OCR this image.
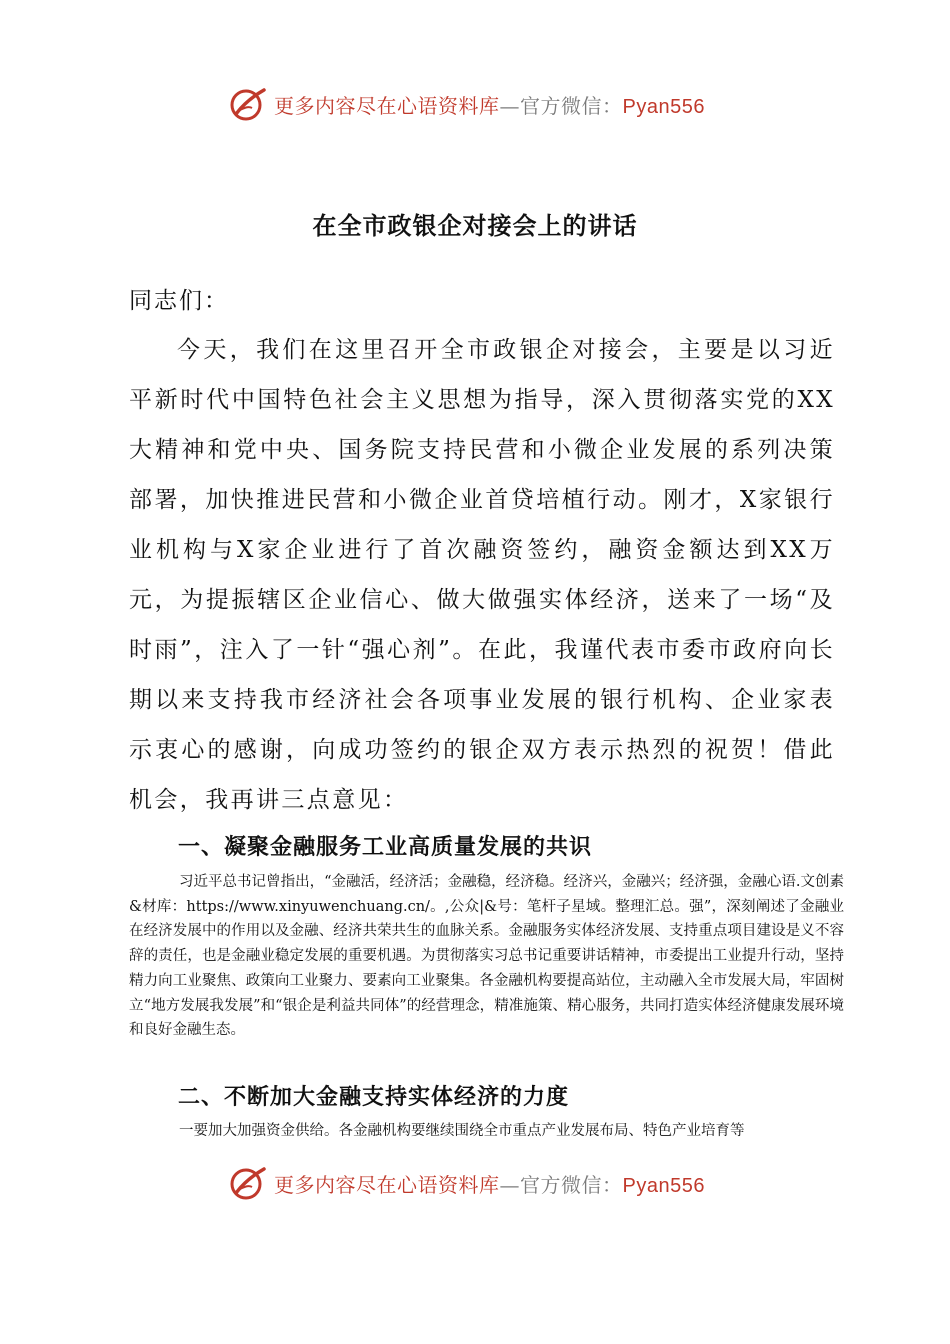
更多内容尽在心语资料库—官方微信：Pyan556
在全市政银企对接会上的讲话
同志们：

今天，我们在这里召开全市政银企对接会，主要是以习近平新时代中国特色社会主义思想为指导，深入贯彻落实党的XX大精神和党中央、国务院支持民营和小微企业发展的系列决策部署，加快推进民营和小微企业首贷培植行动。刚才，X家银行业机构与X家企业进行了首次融资签约，融资金额达到XX万元，为提振辖区企业信心、做大做强实体经济，送来了一场“及时雨”，注入了一针“强心剂”。在此，我谨代表市委市政府向长期以来支持我市经济社会各项事业发展的银行机构、企业家表示衷心的感谢，向成功签约的银企双方表示热烈的祝贺！借此机会，我再讲三点意见：

一、凝聚金融服务工业高质量发展的共识

习近平总书记曾指出，“金融活，经济活；金融稳，经济稳。经济兴，金融兴；经济强，金融心语.文创素&材库：https://www.xinyuwenchuang.cn/。,公众|&号：笔杆子星域。整理汇总。强”，深刻阐述了金融业在经济发展中的作用以及金融、经济共荣共生的血脉关系。金融服务实体经济发展、支持重点项目建设是义不容辞的责任，也是金融业稳定发展的重要机遇。为贯彻落实习总书记重要讲话精神，市委提出工业提升行动，坚持精力向工业聚焦、政策向工业聚力、要素向工业聚集。各金融机构要提高站位，主动融入全市发展大局，牢固树立“地方发展我发展”和“银企是利益共同体”的经营理念，精准施策、精心服务，共同打造实体经济健康发展环境和良好金融生态。

二、不断加大金融支持实体经济的力度

一要加大加强资金供给。各金融机构要继续围绕全市重点产业发展布局、特色产业培育等

更多内容尽在心语资料库—官方微信：Pyan556
